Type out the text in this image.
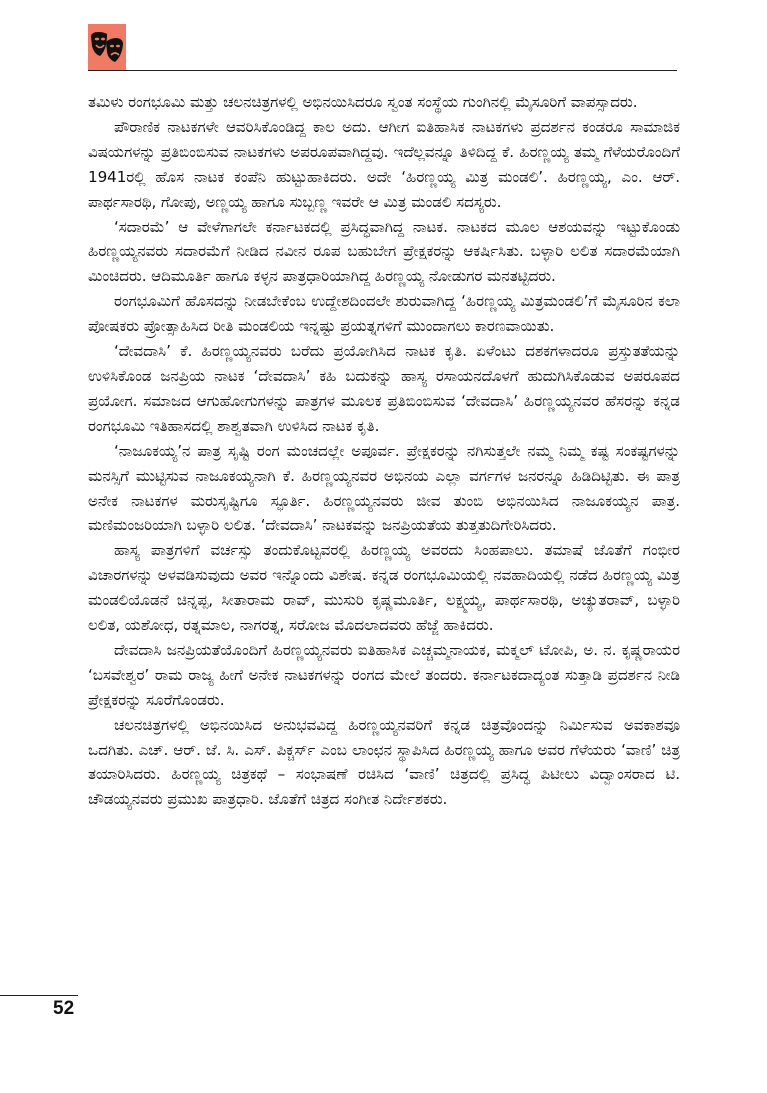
ತಮಿಳು ರಂಗಭೂಮಿ ಮತ್ತು ಚಲನಚಿತ್ರಗಳಲ್ಲಿ ಅಭಿನಯಿಸಿದರೂ ಸ್ವಂತ ಸಂಸ್ಥೆಯ ಗುಂಗಿನಲ್ಲಿ ಮೈಸೂರಿಗೆ ವಾಪಸ್ಸಾದರು.

ಪೌರಾಣಿಕ ನಾಟಕಗಳೇ ಆವರಿಸಿಕೊಂಡಿದ್ದ ಕಾಲ ಅದು. ಆಗೀಗ ಐತಿಹಾಸಿಕ ನಾಟಕಗಳು ಪ್ರದರ್ಶನ ಕಂಡರೂ ಸಾಮಾಜಿಕ ವಿಷಯಗಳನ್ನು ಪ್ರತಿಬಿಂಬಿಸುವ ನಾಟಕಗಳು ಅಪರೂಪವಾಗಿದ್ದವು. ಇದೆಲ್ಲವನ್ನೂ ತಿಳಿದಿದ್ದ ಕೆ. ಹಿರಣ್ಣಯ್ಯ ತಮ್ಮ ಗೆಳೆಯರೊಂದಿಗೆ 1941ರಲ್ಲಿ ಹೊಸ ನಾಟಕ ಕಂಪೆನಿ ಹುಟ್ಟುಹಾಕಿದರು. ಅದೇ ‘ಹಿರಣ್ಣಯ್ಯ ಮಿತ್ರ ಮಂಡಲಿ’. ಹಿರಣ್ಣಯ್ಯ, ಎಂ. ಆರ್. ಪಾರ್ಥಸಾರಥಿ, ಗೋಪು, ಅಣ್ಣಯ್ಯ ಹಾಗೂ ಸುಬ್ಬಣ್ಣ ಇವರೇ ಆ ಮಿತ್ರ ಮಂಡಲಿ ಸದಸ್ಯರು.

‘ಸದಾರಮೆ’ ಆ ವೇಳೆಗಾಗಲೇ ಕರ್ನಾಟಕದಲ್ಲಿ ಪ್ರಸಿದ್ಧವಾಗಿದ್ದ ನಾಟಕ. ನಾಟಕದ ಮೂಲ ಆಶಯವನ್ನು ಇಟ್ಟುಕೊಂಡು ಹಿರಣ್ಣಯ್ಯನವರು ಸದಾರಮೆಗೆ ನೀಡಿದ ನವೀನ ರೂಪ ಬಹುಬೇಗ ಪ್ರೇಕ್ಷಕರನ್ನು ಆಕರ್ಷಿಸಿತು. ಬಳ್ಳಾರಿ ಲಲಿತ ಸದಾರಮೆಯಾಗಿ ಮಿಂಚಿದರು. ಆದಿಮೂರ್ತಿ ಹಾಗೂ ಕಳ್ಳನ ಪಾತ್ರಧಾರಿಯಾಗಿದ್ದ ಹಿರಣ್ಣಯ್ಯ ನೋಡುಗರ ಮನತಟ್ಟಿದರು.

ರಂಗಭೂಮಿಗೆ ಹೊಸದನ್ನು ನೀಡಬೇಕೆಂಬ ಉದ್ದೇಶದಿಂದಲೇ ಶುರುವಾಗಿದ್ದ ‘ಹಿರಣ್ಣಯ್ಯ ಮಿತ್ರಮಂಡಲಿ’ಗೆ ಮೈಸೂರಿನ ಕಲಾ ಪೋಷಕರು ಪ್ರೋತ್ಸಾಹಿಸಿದ ರೀತಿ ಮಂಡಲಿಯ ಇನ್ನಷ್ಟು ಪ್ರಯತ್ನಗಳಿಗೆ ಮುಂದಾಗಲು ಕಾರಣವಾಯಿತು.

‘ದೇವದಾಸಿ’ ಕೆ. ಹಿರಣ್ಣಯ್ಯನವರು ಬರೆದು ಪ್ರಯೋಗಿಸಿದ ನಾಟಕ ಕೃತಿ. ಏಳೆಂಟು ದಶಕಗಳಾದರೂ ಪ್ರಸ್ತುತತೆಯನ್ನು ಉಳಿಸಿಕೊಂಡ ಜನಪ್ರಿಯ ನಾಟಕ ‘ದೇವದಾಸಿ’ ಕಹಿ ಬದುಕನ್ನು ಹಾಸ್ಯ ರಸಾಯನದೊಳಗೆ ಹುದುಗಿಸಿಕೊಡುವ ಅಪರೂಪದ ಪ್ರಯೋಗ. ಸಮಾಜದ ಆಗುಹೋಗುಗಳನ್ನು ಪಾತ್ರಗಳ ಮೂಲಕ ಪ್ರತಿಬಿಂಬಿಸುವ ‘ದೇವದಾಸಿ’ ಹಿರಣ್ಣಯ್ಯನವರ ಹೆಸರನ್ನು ಕನ್ನಡ ರಂಗಭೂಮಿ ಇತಿಹಾಸದಲ್ಲಿ ಶಾಶ್ವತವಾಗಿ ಉಳಿಸಿದ ನಾಟಕ ಕೃತಿ.

‘ನಾಜೂಕಯ್ಯ’ನ ಪಾತ್ರ ಸೃಷ್ಟಿ ರಂಗ ಮಂಚದಲ್ಲೇ ಅಪೂರ್ವ. ಪ್ರೇಕ್ಷಕರನ್ನು ನಗಿಸುತ್ತಲೇ ನಮ್ಮ ನಿಮ್ಮ ಕಷ್ಟ ಸಂಕಷ್ಟಗಳನ್ನು ಮನಸ್ಸಿಗೆ ಮುಟ್ಟಿಸುವ ನಾಜೂಕಯ್ಯನಾಗಿ ಕೆ. ಹಿರಣ್ಣಯ್ಯನವರ ಅಭಿನಯ ಎಲ್ಲಾ ವರ್ಗಗಳ ಜನರನ್ನೂ ಹಿಡಿದಿಟ್ಟಿತು. ಈ ಪಾತ್ರ ಅನೇಕ ನಾಟಕಗಳ ಮರುಸೃಷ್ಟಿಗೂ ಸ್ಫೂರ್ತಿ. ಹಿರಣ್ಣಯ್ಯನವರು ಜೀವ ತುಂಬಿ ಅಭಿನಯಿಸಿದ ನಾಜೂಕಯ್ಯನ ಪಾತ್ರ. ಮಣಿಮಂಜರಿಯಾಗಿ ಬಳ್ಳಾರಿ ಲಲಿತ. ‘ದೇವದಾಸಿ’ ನಾಟಕವನ್ನು ಜನಪ್ರಿಯತೆಯ ತುತ್ತತುದಿಗೇರಿಸಿದರು.

ಹಾಸ್ಯ ಪಾತ್ರಗಳಿಗೆ ವರ್ಚಸ್ಸು ತಂದುಕೊಟ್ಟವರಲ್ಲಿ ಹಿರಣ್ಣಯ್ಯ ಅವರದು ಸಿಂಹಪಾಲು. ತಮಾಷೆ ಜೊತೆಗೆ ಗಂಭೀರ ವಿಚಾರಗಳನ್ನು ಅಳವಡಿಸುವುದು ಅವರ ಇನ್ನೊಂದು ವಿಶೇಷ. ಕನ್ನಡ ರಂಗಭೂಮಿಯಲ್ಲಿ ನವಹಾದಿಯಲ್ಲಿ ನಡೆದ ಹಿರಣ್ಣಯ್ಯ ಮಿತ್ರ ಮಂಡಲಿಯೊಡನೆ ಚಿನ್ನಪ್ಪ, ಸೀತಾರಾಮ ರಾವ್, ಮುಸುರಿ ಕೃಷ್ಣಮೂರ್ತಿ, ಲಕ್ಷ್ಮಯ್ಯ, ಪಾರ್ಥಸಾರಥಿ, ಅಚ್ಯುತರಾವ್, ಬಳ್ಳಾರಿ ಲಲಿತ, ಯಶೋಧ, ರತ್ನಮಾಲ, ನಾಗರತ್ನ, ಸರೋಜ ಮೊದಲಾದವರು ಹೆಜ್ಜೆ ಹಾಕಿದರು.

ದೇವದಾಸಿ ಜನಪ್ರಿಯತೆಯೊಂದಿಗೆ ಹಿರಣ್ಣಯ್ಯನವರು ಐತಿಹಾಸಿಕ ಎಚ್ಚಮ್ಮನಾಯಕ, ಮಕ್ಮಲ್ ಟೋಪಿ, ಅ. ನ. ಕೃಷ್ಣರಾಯರ ‘ಬಸವೇಶ್ವರ’ ರಾಮ ರಾಜ್ಯ ಹೀಗೆ ಅನೇಕ ನಾಟಕಗಳನ್ನು ರಂಗದ ಮೇಲೆ ತಂದರು. ಕರ್ನಾಟಕದಾದ್ಯಂತ ಸುತ್ತಾಡಿ ಪ್ರದರ್ಶನ ನೀಡಿ ಪ್ರೇಕ್ಷಕರನ್ನು ಸೂರೆಗೊಂಡರು.

ಚಲನಚಿತ್ರಗಳಲ್ಲಿ ಅಭಿನಯಿಸಿದ ಅನುಭವವಿದ್ದ ಹಿರಣ್ಣಯ್ಯನವರಿಗೆ ಕನ್ನಡ ಚಿತ್ರವೊಂದನ್ನು ನಿರ್ಮಿಸುವ ಅವಕಾಶವೂ ಒದಗಿತು. ಎಚ್. ಆರ್. ಜೆ. ಸಿ. ಎಸ್. ಪಿಕ್ಚರ್ಸ್ ಎಂಬ ಲಾಂಛನ ಸ್ಥಾಪಿಸಿದ ಹಿರಣ್ಣಯ್ಯ ಹಾಗೂ ಅವರ ಗೆಳೆಯರು ‘ವಾಣಿ’ ಚಿತ್ರ ತಯಾರಿಸಿದರು. ಹಿರಣ್ಣಯ್ಯ ಚಿತ್ರಕಥೆ – ಸಂಭಾಷಣೆ ರಚಿಸಿದ ‘ವಾಣಿ’ ಚಿತ್ರದಲ್ಲಿ ಪ್ರಸಿದ್ಧ ಪಿಟೀಲು ವಿದ್ವಾಂಸರಾದ ಟಿ. ಚೌಡಯ್ಯನವರು ಪ್ರಮುಖ ಪಾತ್ರಧಾರಿ. ಜೊತೆಗೆ ಚಿತ್ರದ ಸಂಗೀತ ನಿರ್ದೇಶಕರು.

52
